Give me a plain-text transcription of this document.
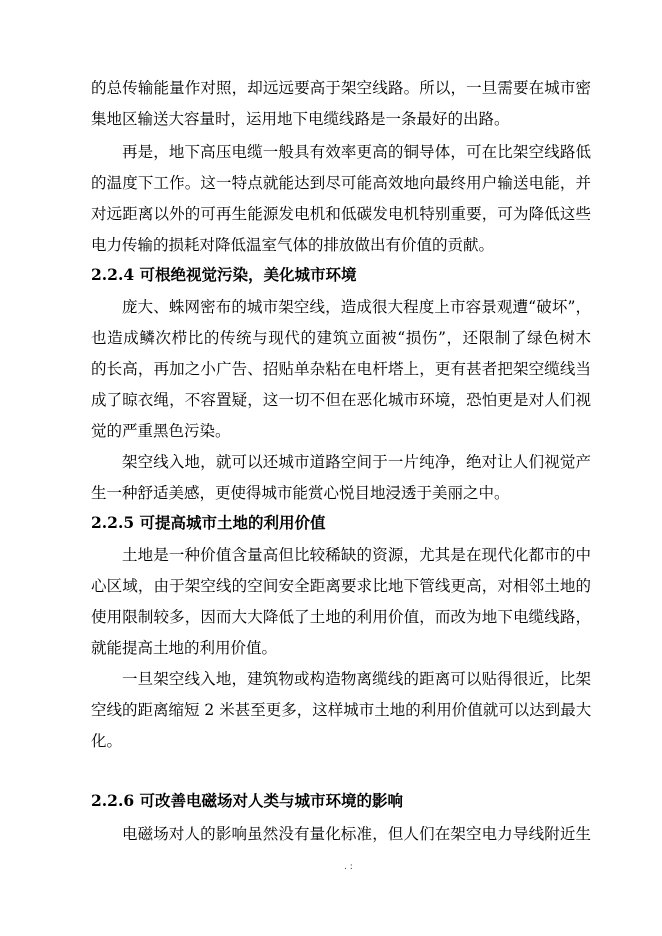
的总传输能量作对照，却远远要高于架空线路。所以，一旦需要在城市密
集地区输送大容量时，运用地下电缆线路是一条最好的出路。
再是，地下高压电缆一般具有效率更高的铜导体，可在比架空线路低
的温度下工作。这一特点就能达到尽可能高效地向最终用户输送电能，并
对远距离以外的可再生能源发电机和低碳发电机特别重要，可为降低这些
电力传输的损耗对降低温室气体的排放做出有价值的贡献。
2.2.4 可根绝视觉污染，美化城市环境
庞大、蛛网密布的城市架空线，造成很大程度上市容景观遭“破坏”，
也造成鳞次栉比的传统与现代的建筑立面被“损伤”，还限制了绿色树木
的长高，再加之小广告、招贴单杂粘在电杆塔上，更有甚者把架空缆线当
成了晾衣绳，不容置疑，这一切不但在恶化城市环境，恐怕更是对人们视
觉的严重黑色污染。
架空线入地，就可以还城市道路空间于一片纯净，绝对让人们视觉产
生一种舒适美感，更使得城市能赏心悦目地浸透于美丽之中。
2.2.5 可提高城市土地的利用价值
土地是一种价值含量高但比较稀缺的资源，尤其是在现代化都市的中
心区域，由于架空线的空间安全距离要求比地下管线更高，对相邻土地的
使用限制较多，因而大大降低了土地的利用价值，而改为地下电缆线路，
就能提高土地的利用价值。
一旦架空线入地，建筑物或构造物离缆线的距离可以贴得很近，比架
空线的距离缩短 2 米甚至更多，这样城市土地的利用价值就可以达到最大
化。
2.2.6 可改善电磁场对人类与城市环境的影响
电磁场对人的影响虽然没有量化标准，但人们在架空电力导线附近生
. :
